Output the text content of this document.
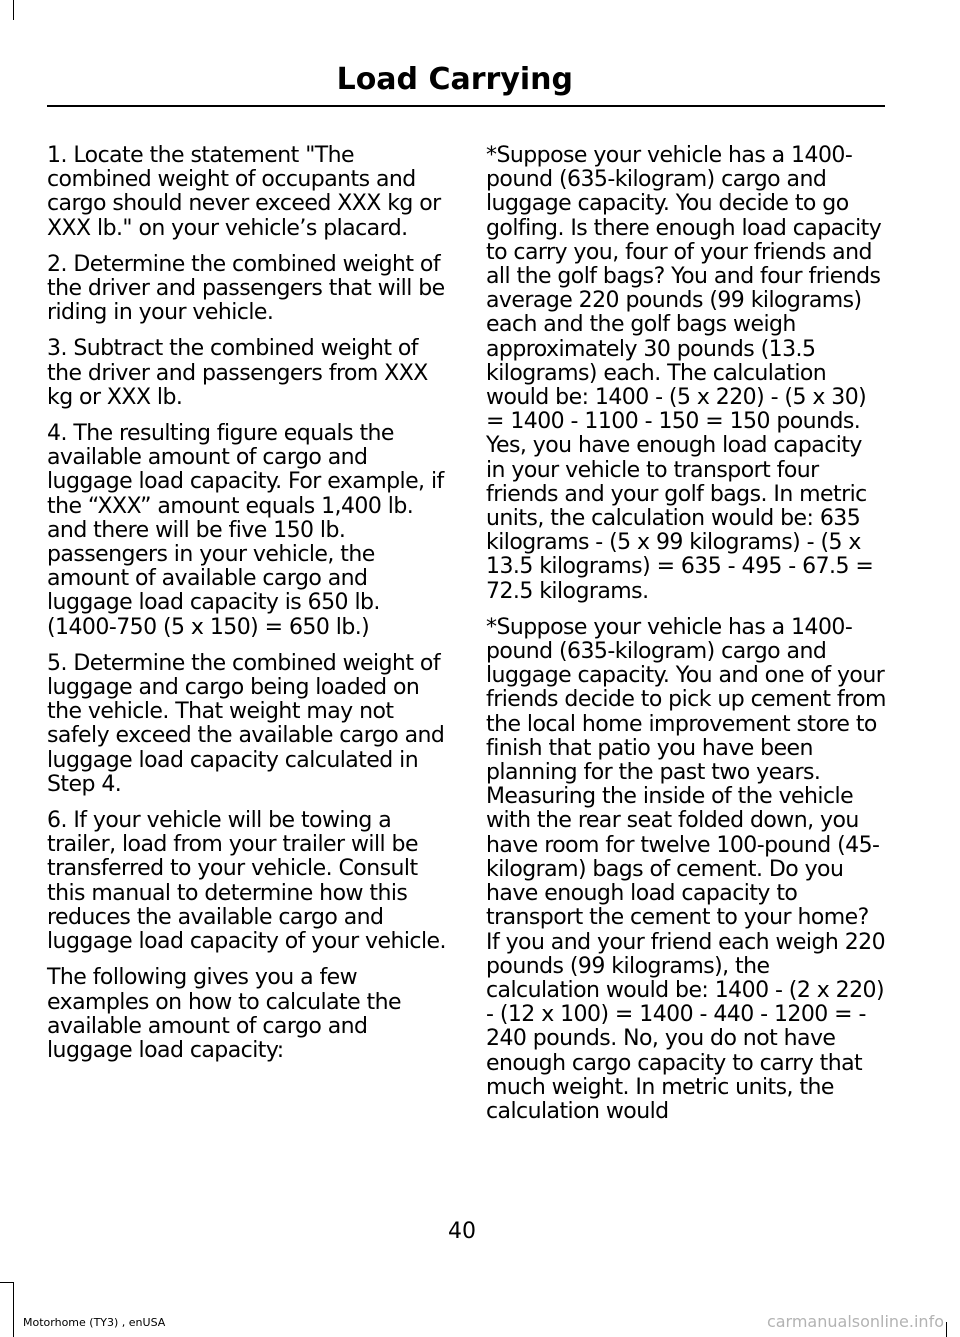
Load Carrying

1. Locate the statement "The combined weight of occupants and cargo should never exceed XXX kg or XXX lb." on your vehicle’s placard.

2. Determine the combined weight of the driver and passengers that will be riding in your vehicle.

3. Subtract the combined weight of the driver and passengers from XXX kg or XXX lb.

4. The resulting figure equals the available amount of cargo and luggage load capacity. For example, if the “XXX” amount equals 1,400 lb. and there will be five 150 lb. passengers in your vehicle, the amount of available cargo and luggage load capacity is 650 lb. (1400-750 (5 x 150) = 650 lb.)

5. Determine the combined weight of luggage and cargo being loaded on the vehicle. That weight may not safely exceed the available cargo and luggage load capacity calculated in Step 4.

6. If your vehicle will be towing a trailer, load from your trailer will be transferred to your vehicle. Consult this manual to determine how this reduces the available cargo and luggage load capacity of your vehicle.

The following gives you a few examples on how to calculate the available amount of cargo and luggage load capacity:

*Suppose your vehicle has a 1400-pound (635-kilogram) cargo and luggage capacity. You decide to go golfing. Is there enough load capacity to carry you, four of your friends and all the golf bags? You and four friends average 220 pounds (99 kilograms) each and the golf bags weigh approximately 30 pounds (13.5 kilograms) each. The calculation would be: 1400 - (5 x 220) - (5 x 30) = 1400 - 1100 - 150 = 150 pounds. Yes, you have enough load capacity in your vehicle to transport four friends and your golf bags. In metric units, the calculation would be: 635 kilograms - (5 x 99 kilograms) - (5 x 13.5 kilograms) = 635 - 495 - 67.5 = 72.5 kilograms.

*Suppose your vehicle has a 1400-pound (635-kilogram) cargo and luggage capacity. You and one of your friends decide to pick up cement from the local home improvement store to finish that patio you have been planning for the past two years. Measuring the inside of the vehicle with the rear seat folded down, you have room for twelve 100-pound (45-kilogram) bags of cement. Do you have enough load capacity to transport the cement to your home? If you and your friend each weigh 220 pounds (99 kilograms), the calculation would be: 1400 - (2 x 220) - (12 x 100) = 1400 - 440 - 1200 = - 240 pounds. No, you do not have enough cargo capacity to carry that much weight. In metric units, the calculation would

40
Motorhome (TY3) , enUSA	carmanualsonline.info
